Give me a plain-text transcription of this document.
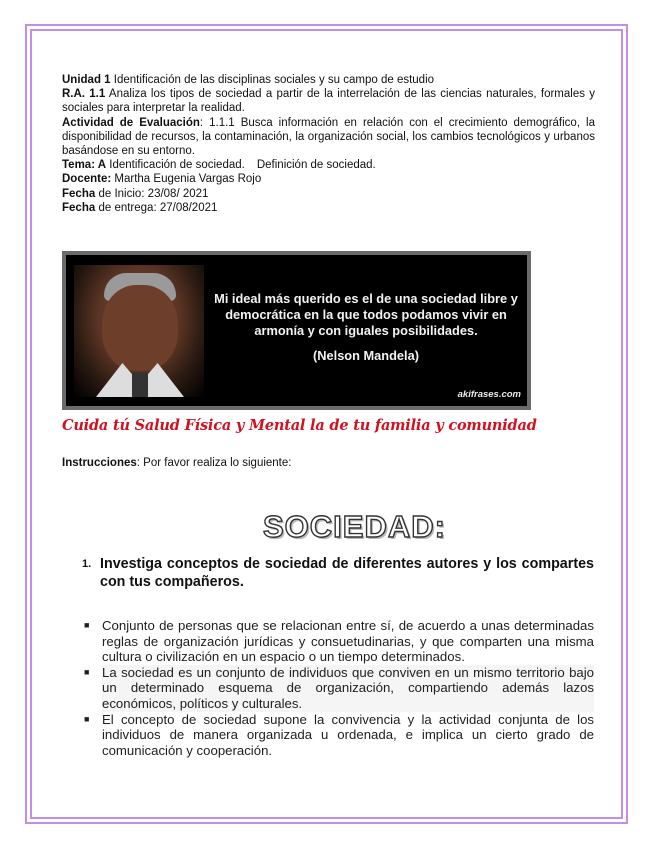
Unidad 1 Identificación de las disciplinas sociales y su campo de estudio

R.A. 1.1 Analiza los tipos de sociedad a partir de la interrelación de las ciencias naturales, formales y sociales para interpretar la realidad.

Actividad de Evaluación: 1.1.1 Busca información en relación con el crecimiento demográfico, la disponibilidad de recursos, la contaminación, la organización social, los cambios tecnológicos y urbanos basándose en su entorno.

Tema: A Identificación de sociedad. Definición de sociedad.

Docente: Martha Eugenia Vargas Rojo

Fecha de Inicio: 23/08/ 2021

Fecha de entrega: 27/08/2021

Mi ideal más querido es el de una sociedad libre y democrática en la que todos podamos vivir en armonía y con iguales posibilidades.
(Nelson Mandela)
akifrases.com
Cuida tú Salud Física y Mental la de tu familia y comunidad
Instrucciones: Por favor realiza lo siguiente:
SOCIEDAD:
1. Investiga conceptos de sociedad de diferentes autores y los compartes con tus compañeros.
■ Conjunto de personas que se relacionan entre sí, de acuerdo a unas determinadas reglas de organización jurídicas y consuetudinarias, y que comparten una misma cultura o civilización en un espacio o un tiempo determinados.
■ La sociedad es un conjunto de individuos que conviven en un mismo territorio bajo un determinado esquema de organización, compartiendo además lazos económicos, políticos y culturales.
■ El concepto de sociedad supone la convivencia y la actividad conjunta de los individuos de manera organizada u ordenada, e implica un cierto grado de comunicación y cooperación.
